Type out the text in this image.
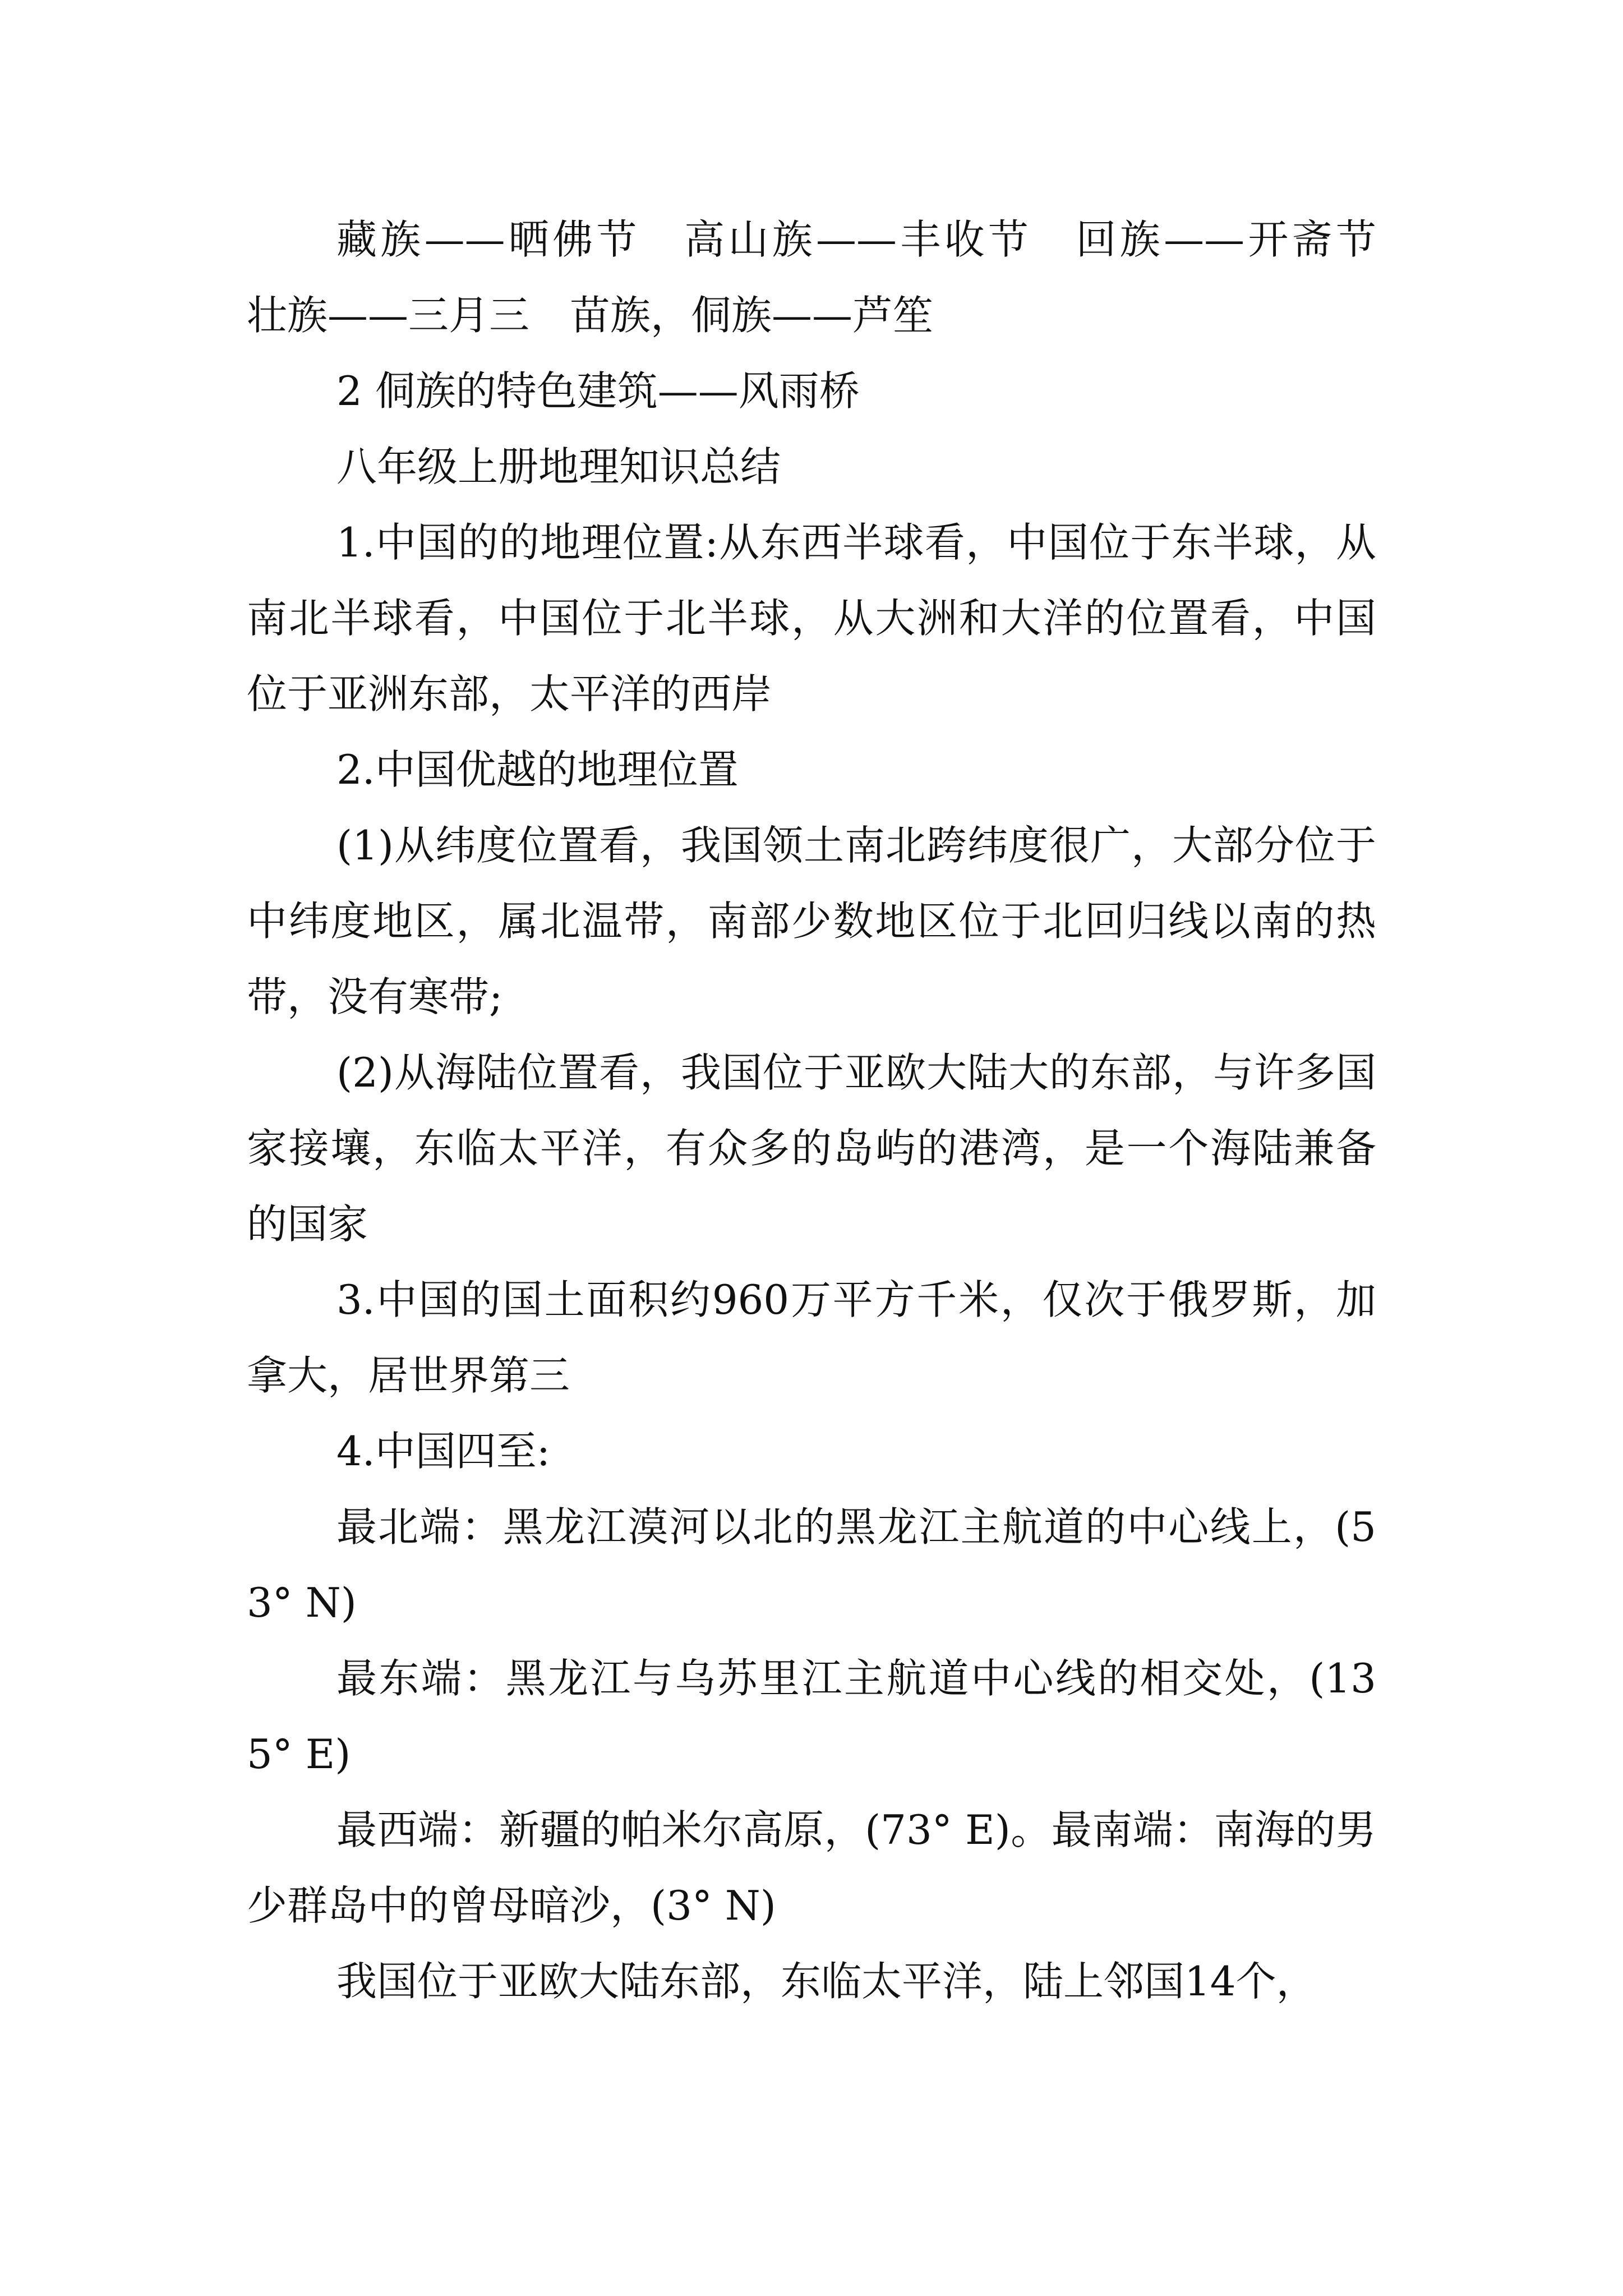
藏族——晒佛节　高山族——丰收节　回族——开斋节　壮族——三月三　苗族，侗族——芦笙

2 侗族的特色建筑——风雨桥

八年级上册地理知识总结

1.中国的的地理位置:从东西半球看，中国位于东半球，从南北半球看，中国位于北半球，从大洲和大洋的位置看，中国位于亚洲东部，太平洋的西岸

2.中国优越的地理位置

(1)从纬度位置看，我国领土南北跨纬度很广，大部分位于中纬度地区，属北温带，南部少数地区位于北回归线以南的热带，没有寒带;

(2)从海陆位置看，我国位于亚欧大陆大的东部，与许多国家接壤，东临太平洋，有众多的岛屿的港湾，是一个海陆兼备的国家

3.中国的国土面积约960万平方千米，仅次于俄罗斯，加拿大，居世界第三

4.中国四至:

最北端：黑龙江漠河以北的黑龙江主航道的中心线上，(53° N)

最东端：黑龙江与乌苏里江主航道中心线的相交处，(135° E)

最西端：新疆的帕米尔高原，(73° E)。最南端：南海的男少群岛中的曾母暗沙，(3° N)

我国位于亚欧大陆东部，东临太平洋，陆上邻国14个，
